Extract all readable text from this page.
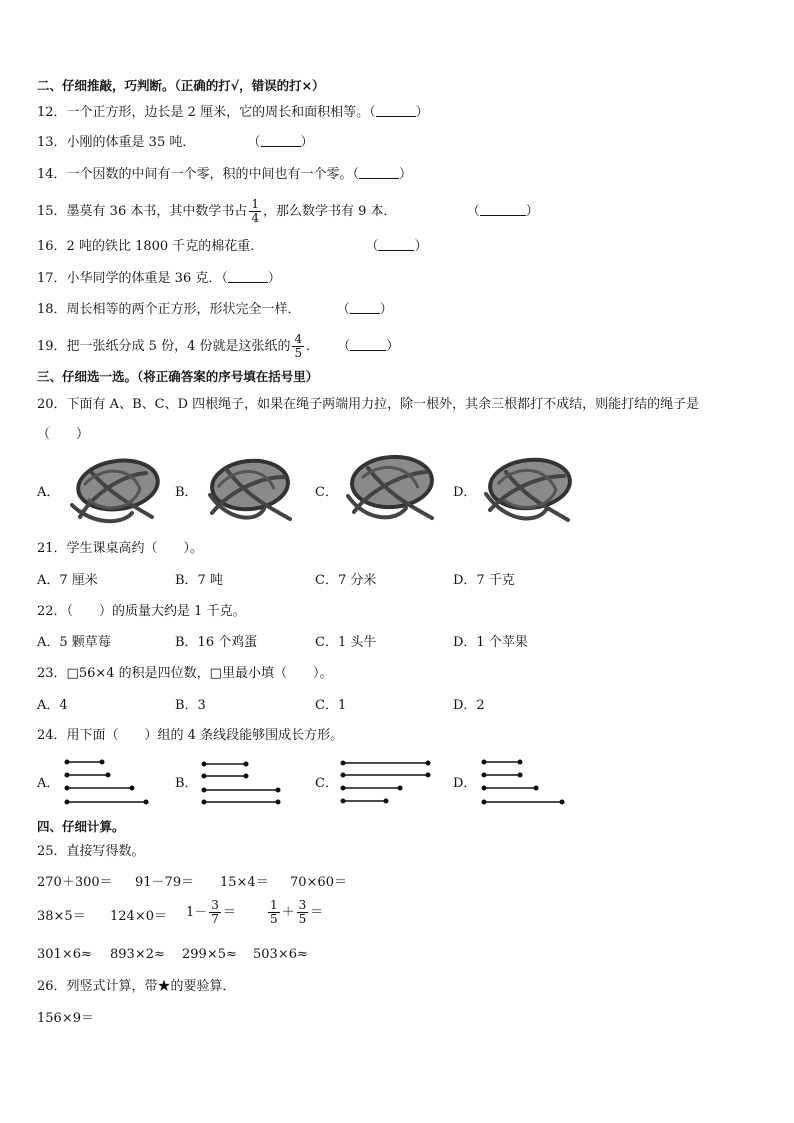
二、仔细推敲，巧判断。（正确的打√，错误的打×）
12．一个正方形，边长是 2 厘米，它的周长和面积相等。（	）
13．小刚的体重是 35 吨．	（	）
14．一个因数的中间有一个零，积的中间也有一个零。（	）
15．墨莫有 36 本书，其中数学书占 $\frac{1}{4}$ ，那么数学书有 9 本．	（	）
16．2 吨的铁比 1800 千克的棉花重．	（	）
17．小华同学的体重是 36 克．（	）
18．周长相等的两个正方形，形状完全一样．	（ ）
19．把一张纸分成 5 份，4 份就是这张纸的 $\frac{4}{5}$ ． （	）
三、仔细选一选。（将正确答案的序号填在括号里）
20．下面有 A、B、C、D 四根绳子，如果在绳子两端用力拉，除一根外，其余三根都打不成结，则能打结的绳子是
（　　）
A．	B．	C．	D．
21．学生课桌高约（　　）。
A．7 厘米	B．7 吨	C．7 分米	D．7 千克
22．（　　）的质量大约是 1 千克。
A．5 颗草莓	B．16 个鸡蛋	C．1 头牛	D．1 个苹果
23．□56×4 的积是四位数，□里最小填（　　）。
A．4	B．3	C．1	D．2
24．用下面（　　）组的 4 条线段能够围成长方形。
A．	B．	C．	D．
四、仔细计算。
25．直接写得数。
270＋300＝ 91－79＝ 15×4＝ 70×60＝
$38\times 5= 124\times 0= 1- \frac{3}{7}$ ＝	$\frac{1}{5} + \frac{3}{5}$ ＝
301×6≈ 893×2≈ 299×5≈ 503×6≈
26．列竖式计算，带★的要验算．
156×9＝
